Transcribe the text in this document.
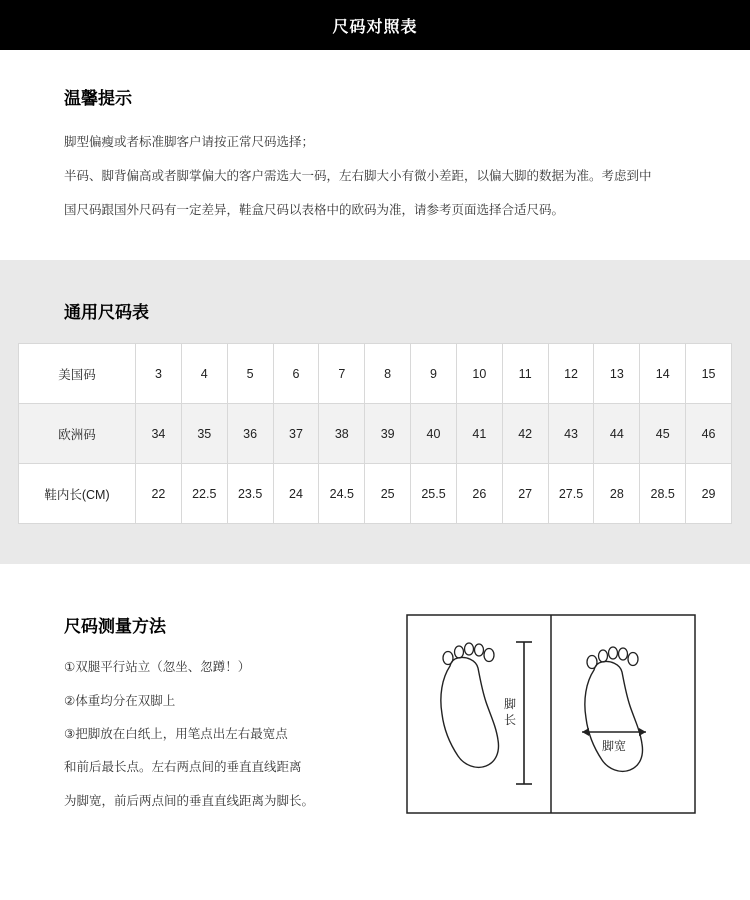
尺码对照表
温馨提示

脚型偏瘦或者标准脚客户请按正常尺码选择；

半码、脚背偏高或者脚掌偏大的客户需选大一码，左右脚大小有微小差距，以偏大脚的数据为准。考虑到中

国尺码跟国外尺码有一定差异，鞋盒尺码以表格中的欧码为准，请参考页面选择合适尺码。

通用尺码表
美国码	3	4	5	6	7	8	9	10	11	12	13	14	15
欧洲码	34	35	36	37	38	39	40	41	42	43	44	45	46
鞋内长(CM)	22	22.5	23.5	24	24.5	25	25.5	26	27	27.5	28	28.5	29
尺码测量方法

①双腿平行站立（忽坐、忽蹲！）

②体重均分在双脚上

③把脚放在白纸上，用笔点出左右最宽点

和前后最长点。左右两点间的垂直直线距离

为脚宽，前后两点间的垂直直线距离为脚长。

脚
长
脚宽
